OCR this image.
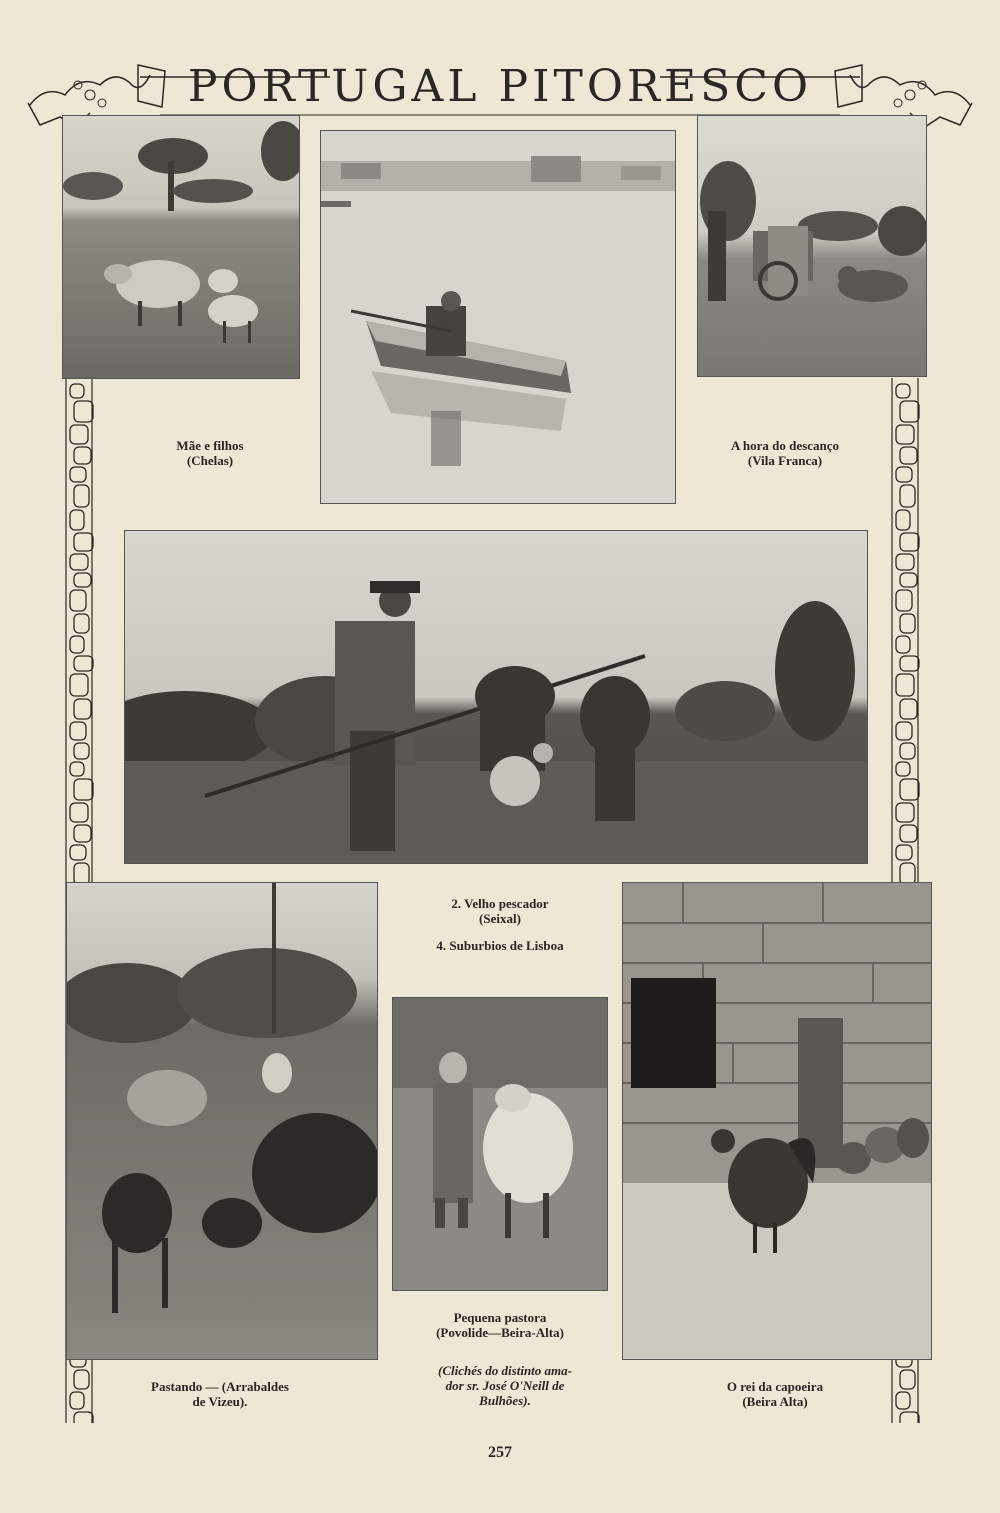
PORTUGAL PITORESCO
Mãe e filhos
(Chelas)
A hora do descanço
(Vila Franca)
2. Velho pescador
(Seixal)
4. Suburbios de Lisboa
Pastando — (Arrabaldes
de Vizeu).
Pequena pastora
(Povolide—Beira-Alta)
(Clichés do distinto ama-
dor sr. José O'Neill de
Bulhões).
O rei da capoeira
(Beira Alta)
257
